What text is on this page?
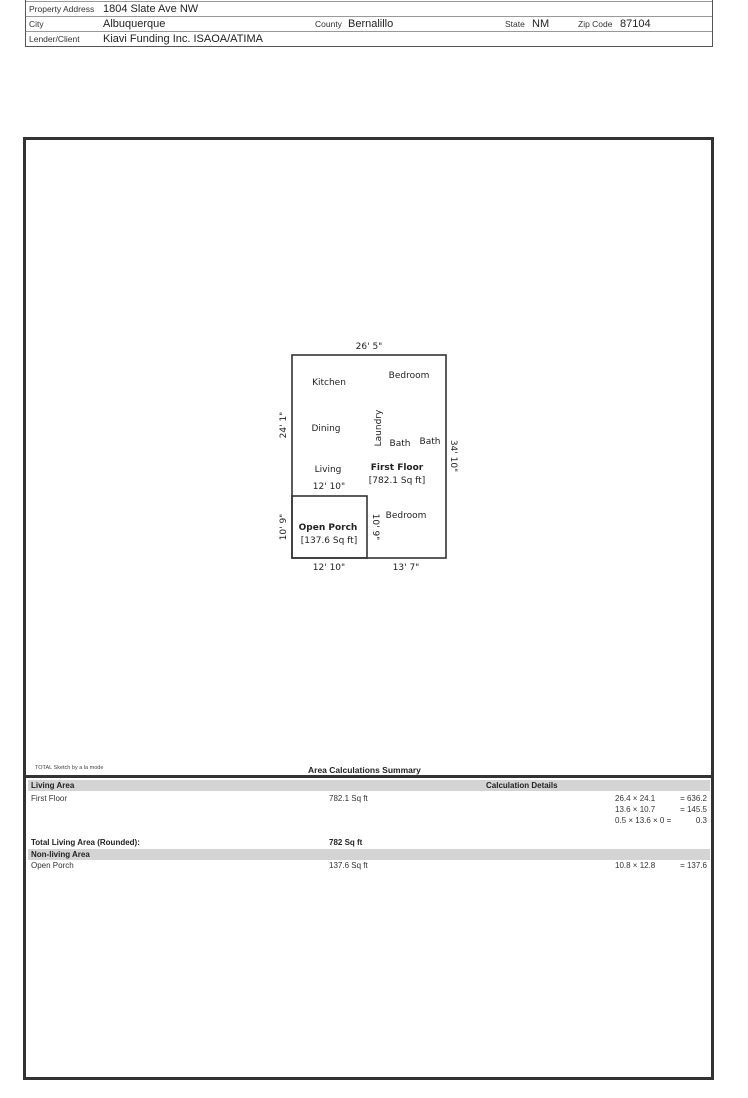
Property Address 1804 Slate Ave NW
City	Albuquerque	County Bernalillo	State NM	Zip Code 87104
Lender/Client Kiavi Funding Inc. ISAOA/ATIMA
26' 5"
24' 1"
34' 10"
12' 10"
10' 9"	10' 9"
12' 10"	13' 7"
Kitchen
Bedroom
Dining	Laundry Bath Bath
Living	First Floor
[782.1 Sq ft]
Open Porch
[137.6 Sq ft]
Bedroom
TOTAL Sketch by a la mode	Area Calculations Summary
Living Area	Calculation Details
First Floor	782.1 Sq ft	26.4 × 24.1	= 636.2
13.6 × 10.7	= 145.5
0.5 × 13.6 × 0 =	0.3
Total Living Area (Rounded):	782 Sq ft
Non-living Area
Open Porch	137.6 Sq ft	10.8 × 12.8	= 137.6
